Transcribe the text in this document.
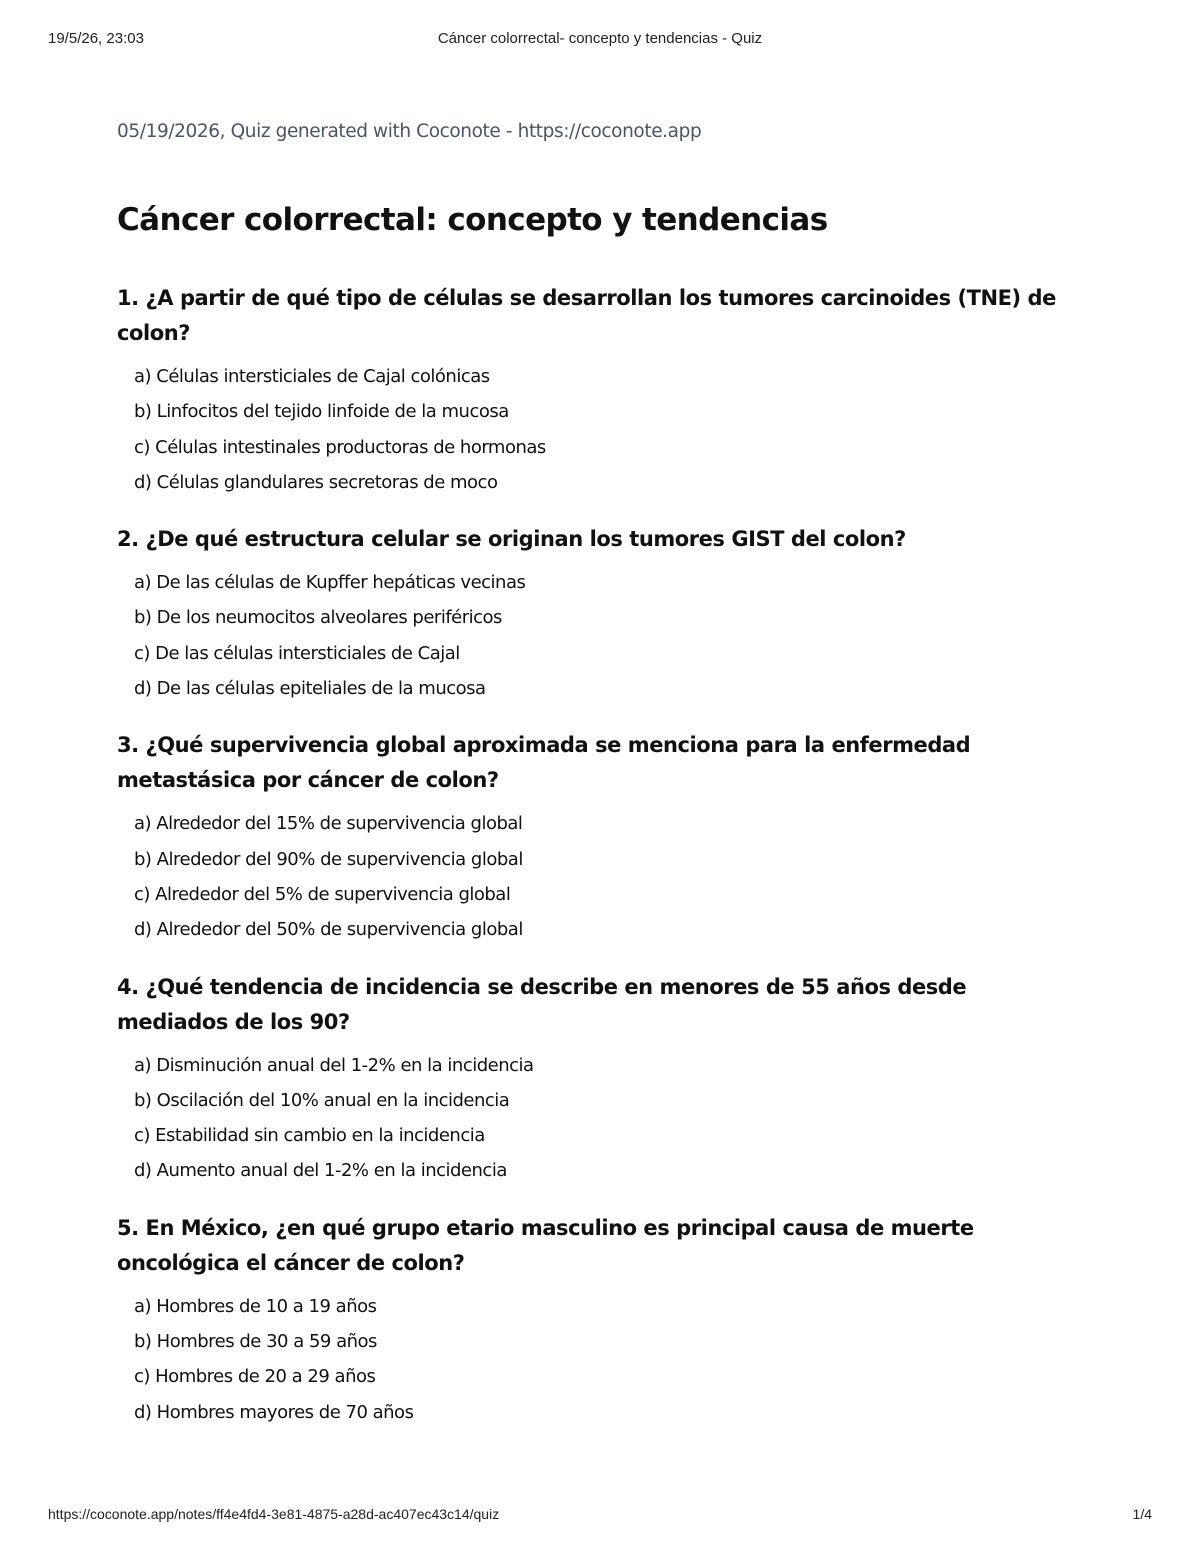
19/5/26, 23:03	Cáncer colorrectal- concepto y tendencias - Quiz

05/19/2026, Quiz generated with Coconote - https://coconote.app

Cáncer colorrectal: concepto y tendencias

1. ¿A partir de qué tipo de células se desarrollan los tumores carcinoides (TNE) de colon?

a) Células intersticiales de Cajal colónicas
b) Linfocitos del tejido linfoide de la mucosa
c) Células intestinales productoras de hormonas
d) Células glandulares secretoras de moco

2. ¿De qué estructura celular se originan los tumores GIST del colon?

a) De las células de Kupffer hepáticas vecinas
b) De los neumocitos alveolares periféricos
c) De las células intersticiales de Cajal
d) De las células epiteliales de la mucosa

3. ¿Qué supervivencia global aproximada se menciona para la enfermedad metastásica por cáncer de colon?

a) Alrededor del 15% de supervivencia global
b) Alrededor del 90% de supervivencia global
c) Alrededor del 5% de supervivencia global
d) Alrededor del 50% de supervivencia global

4. ¿Qué tendencia de incidencia se describe en menores de 55 años desde mediados de los 90?

a) Disminución anual del 1-2% en la incidencia
b) Oscilación del 10% anual en la incidencia
c) Estabilidad sin cambio en la incidencia
d) Aumento anual del 1-2% en la incidencia

5. En México, ¿en qué grupo etario masculino es principal causa de muerte oncológica el cáncer de colon?

a) Hombres de 10 a 19 años
b) Hombres de 30 a 59 años
c) Hombres de 20 a 29 años
d) Hombres mayores de 70 años
https://coconote.app/notes/ff4e4fd4-3e81-4875-a28d-ac407ec43c14/quiz	1/4
